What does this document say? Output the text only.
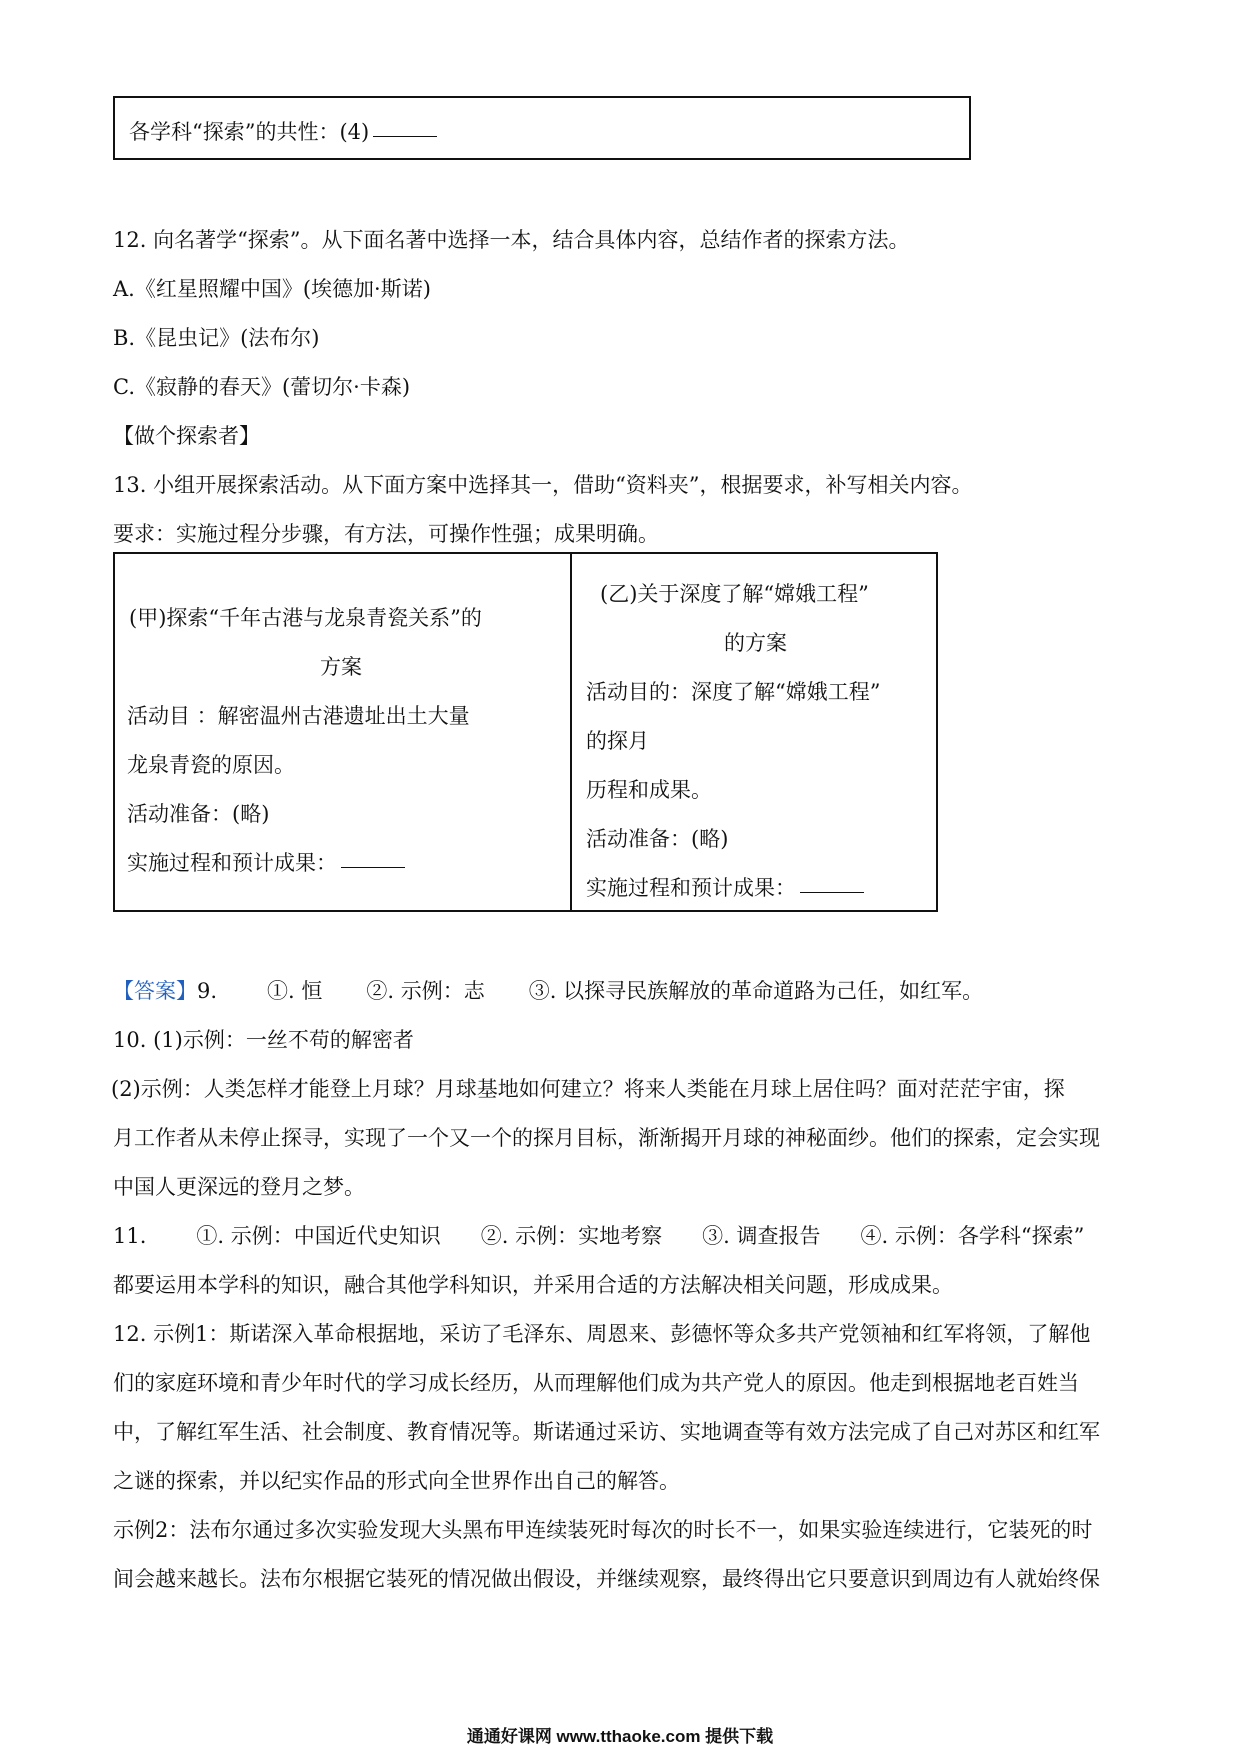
各学科“探索”的共性：(4)
12. 向名著学“探索”。从下面名著中选择一本，结合具体内容，总结作者的探索方法。
A.《红星照耀中国》(埃德加·斯诺)
B.《昆虫记》(法布尔)
C.《寂静的春天》(蕾切尔·卡森)
【做个探索者】
13. 小组开展探索活动。从下面方案中选择其一，借助“资料夹”，根据要求，补写相关内容。
要求：实施过程分步骤，有方法，可操作性强；成果明确。
(甲)探索“千年古港与龙泉青瓷关系”的
方案
活动目 ：解密温州古港遗址出土大量
龙泉青瓷的原因。
活动准备：(略)
实施过程和预计成果：
(乙)关于深度了解“嫦娥工程”
的方案
活动目的：深度了解“嫦娥工程”
的探月
历程和成果。
活动准备：(略)
实施过程和预计成果：
【答案】9. ①. 恒 ②. 示例：志 ③. 以探寻民族解放的革命道路为己任，如红军。
10. (1)示例：一丝不苟的解密者
(2)示例：人类怎样才能登上月球？月球基地如何建立？将来人类能在月球上居住吗？面对茫茫宇宙，探
月工作者从未停止探寻，实现了一个又一个的探月目标，渐渐揭开月球的神秘面纱。他们的探索，定会实现
中国人更深远的登月之梦。
11. ①. 示例：中国近代史知识 ②. 示例：实地考察 ③. 调查报告 ④. 示例：各学科“探索”
都要运用本学科的知识，融合其他学科知识，并采用合适的方法解决相关问题，形成成果。
12. 示例1：斯诺深入革命根据地，采访了毛泽东、周恩来、彭德怀等众多共产党领袖和红军将领，了解他
们的家庭环境和青少年时代的学习成长经历，从而理解他们成为共产党人的原因。他走到根据地老百姓当
中，了解红军生活、社会制度、教育情况等。斯诺通过采访、实地调查等有效方法完成了自己对苏区和红军
之谜的探索，并以纪实作品的形式向全世界作出自己的解答。
示例2：法布尔通过多次实验发现大头黑布甲连续装死时每次的时长不一，如果实验连续进行，它装死的时
间会越来越长。法布尔根据它装死的情况做出假设，并继续观察，最终得出它只要意识到周边有人就始终保
通通好课网 www.tthaoke.com 提供下载
